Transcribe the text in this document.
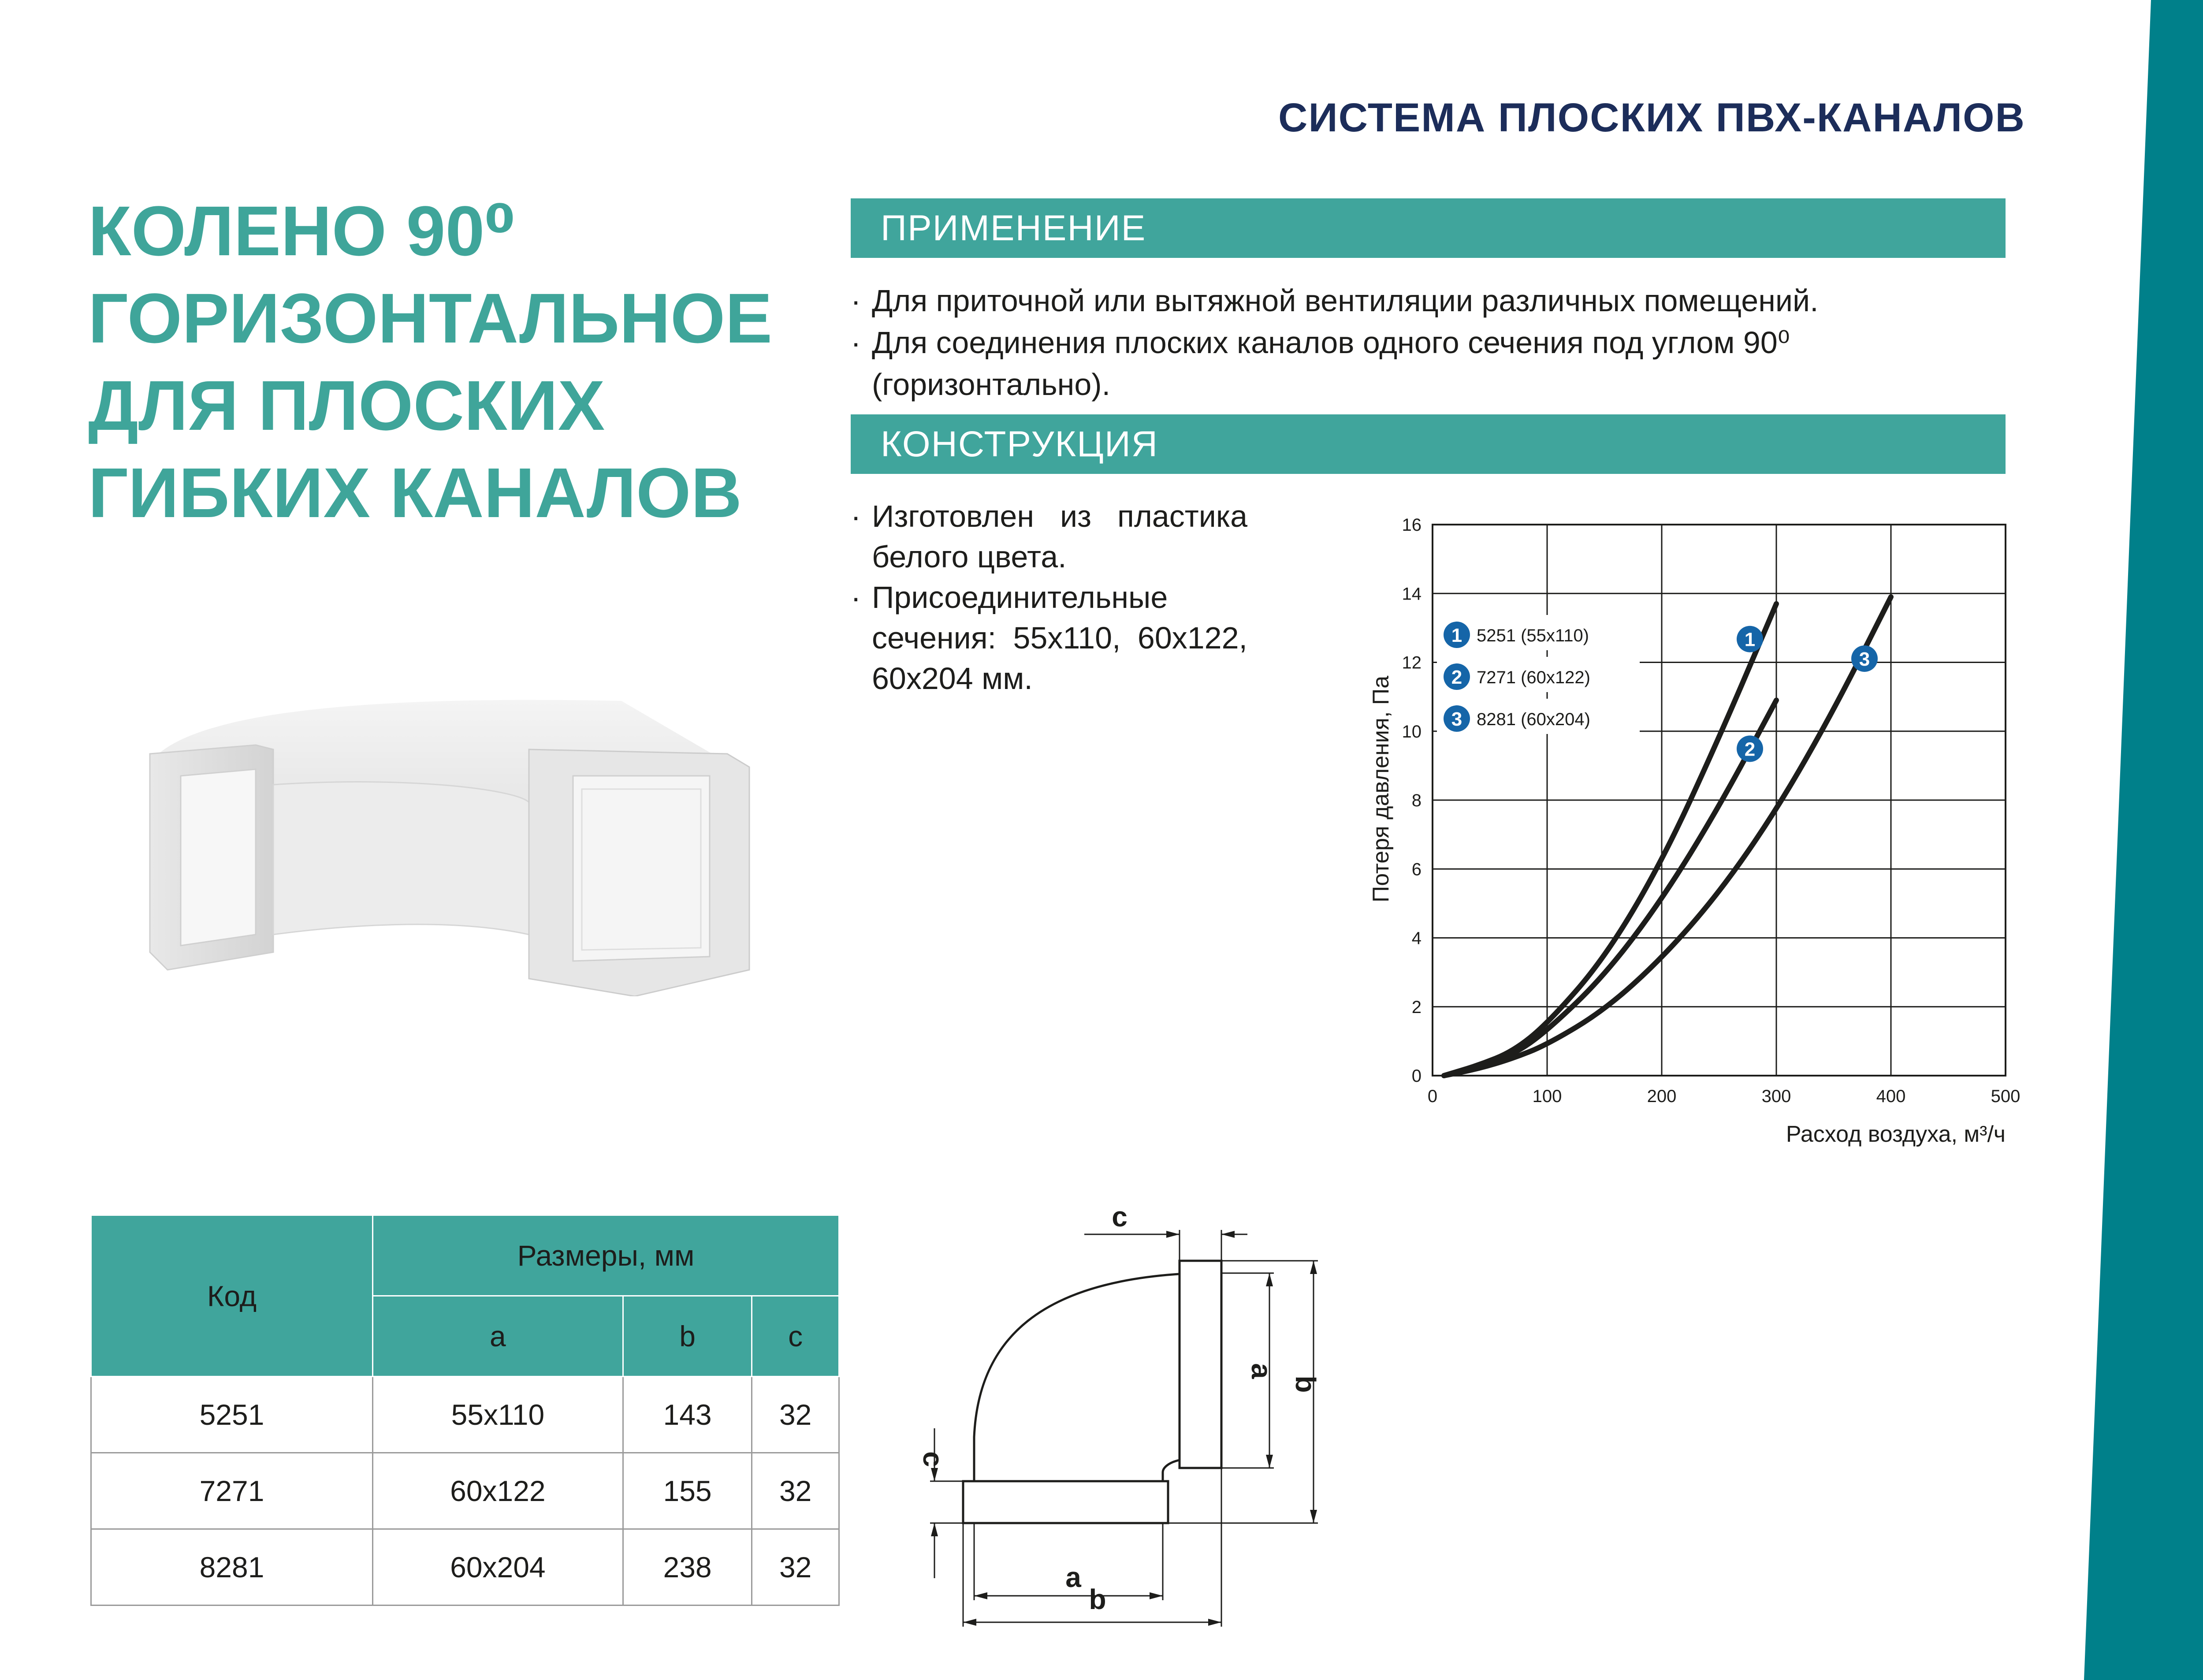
СИСТЕМА ПЛОСКИХ ПВХ-КАНАЛОВ
КОЛЕНО 90⁰
ГОРИЗОНТАЛЬНОЕ
ДЛЯ ПЛОСКИХ
ГИБКИХ КАНАЛОВ
ПРИМЕНЕНИЕ
· Для приточной или вытяжной вентиляции различных помещений.
· Для соединения плоских каналов одного сечения под углом 90⁰ (горизонтально).
КОНСТРУКЦИЯ
· Изготовлен из пластика белого цвета.
· Присоединительные сечения: 55x110, 60x122, 60x204 мм.
0	100	200	300	400	500
0
2
4
6
8
10
12
14
16
1 5251 (55x110)
2 7271 (60x122)
3 8281 (60x204)
1
2
3
Расход воздуха, м³/ч
Потеря давления, Па
c
c
a
b
a
b
Код	Размеры, мм		
	a	b	c
5251	55x110	143	32
7271	60x122	155	32
8281	60x204	238	32
